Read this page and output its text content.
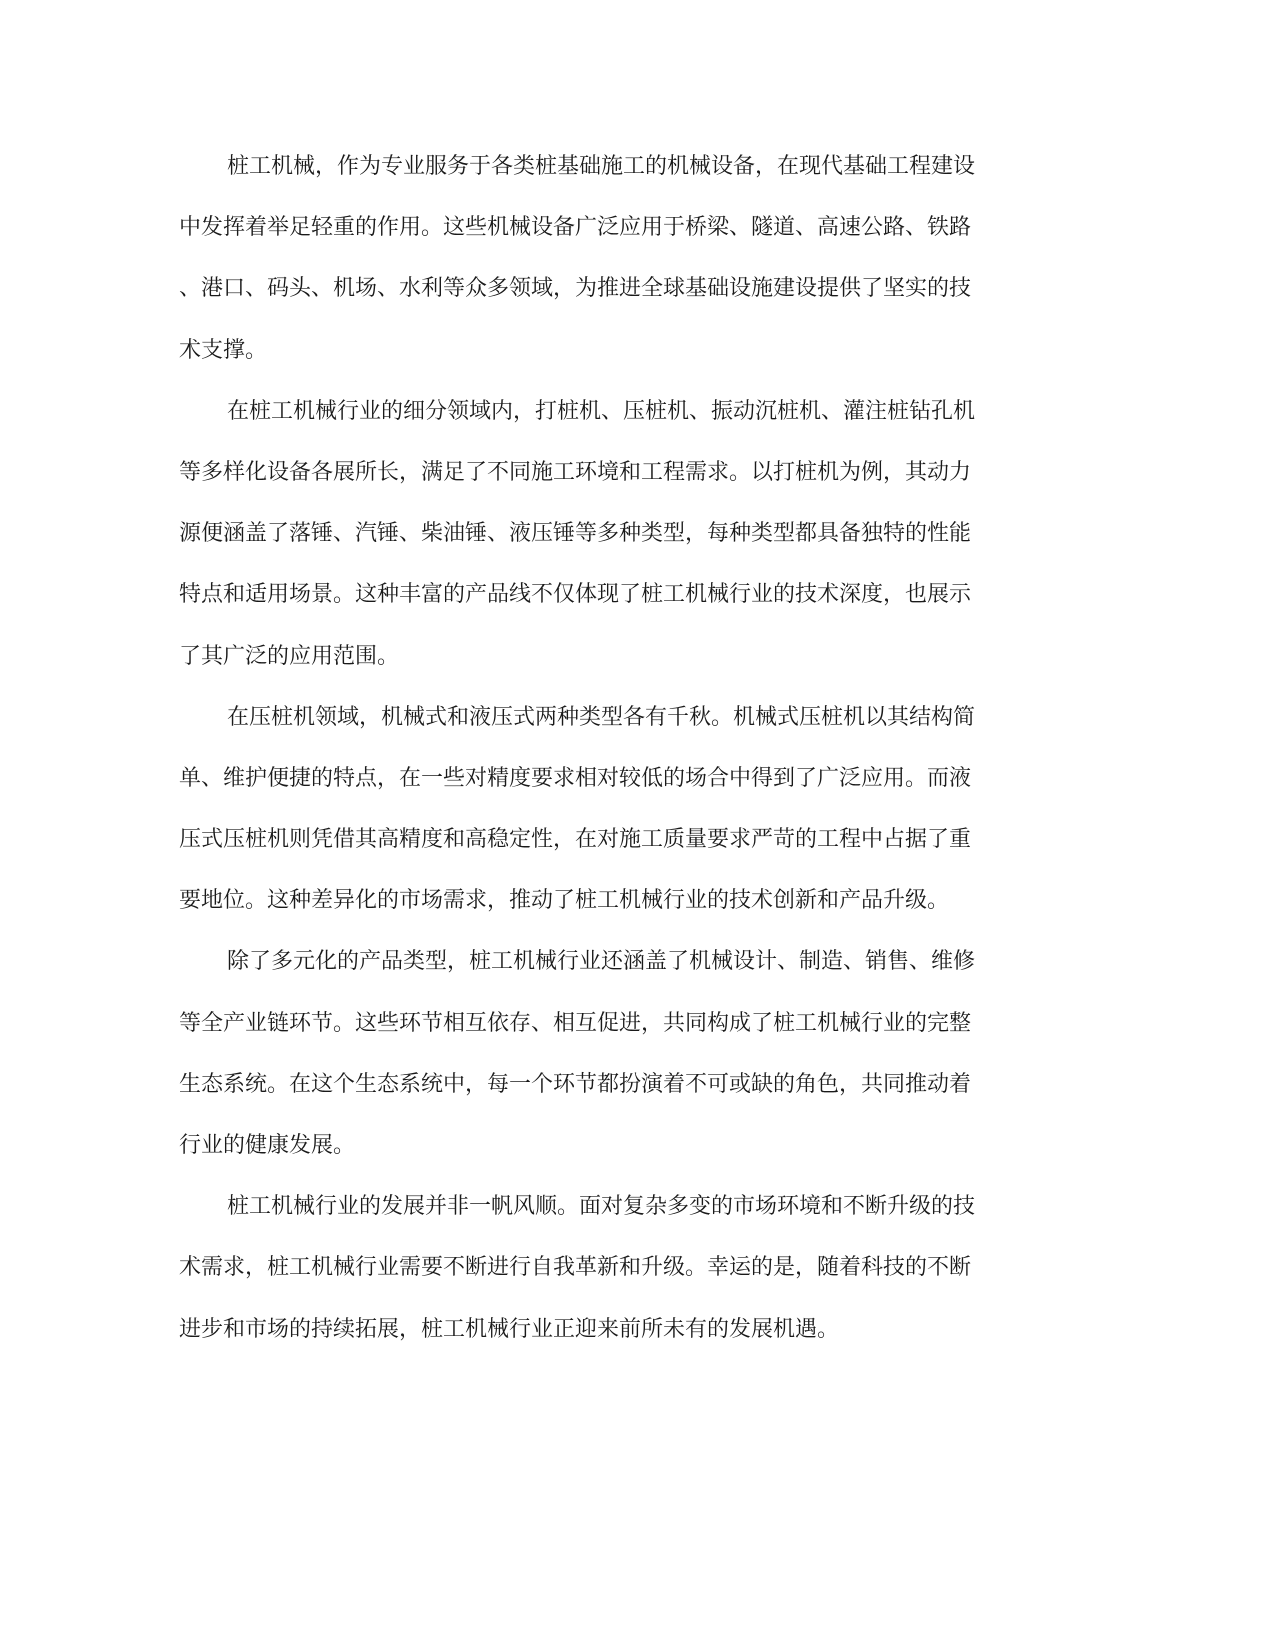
桩工机械，作为专业服务于各类桩基础施工的机械设备，在现代基础工程建设
中发挥着举足轻重的作用。这些机械设备广泛应用于桥梁、隧道、高速公路、铁路
、港口、码头、机场、水利等众多领域，为推进全球基础设施建设提供了坚实的技
术支撑。
在桩工机械行业的细分领域内，打桩机、压桩机、振动沉桩机、灌注桩钻孔机
等多样化设备各展所长，满足了不同施工环境和工程需求。以打桩机为例，其动力
源便涵盖了落锤、汽锤、柴油锤、液压锤等多种类型，每种类型都具备独特的性能
特点和适用场景。这种丰富的产品线不仅体现了桩工机械行业的技术深度，也展示
了其广泛的应用范围。
在压桩机领域，机械式和液压式两种类型各有千秋。机械式压桩机以其结构简
单、维护便捷的特点，在一些对精度要求相对较低的场合中得到了广泛应用。而液
压式压桩机则凭借其高精度和高稳定性，在对施工质量要求严苛的工程中占据了重
要地位。这种差异化的市场需求，推动了桩工机械行业的技术创新和产品升级。
除了多元化的产品类型，桩工机械行业还涵盖了机械设计、制造、销售、维修
等全产业链环节。这些环节相互依存、相互促进，共同构成了桩工机械行业的完整
生态系统。在这个生态系统中，每一个环节都扮演着不可或缺的角色，共同推动着
行业的健康发展。
桩工机械行业的发展并非一帆风顺。面对复杂多变的市场环境和不断升级的技
术需求，桩工机械行业需要不断进行自我革新和升级。幸运的是，随着科技的不断
进步和市场的持续拓展，桩工机械行业正迎来前所未有的发展机遇。
